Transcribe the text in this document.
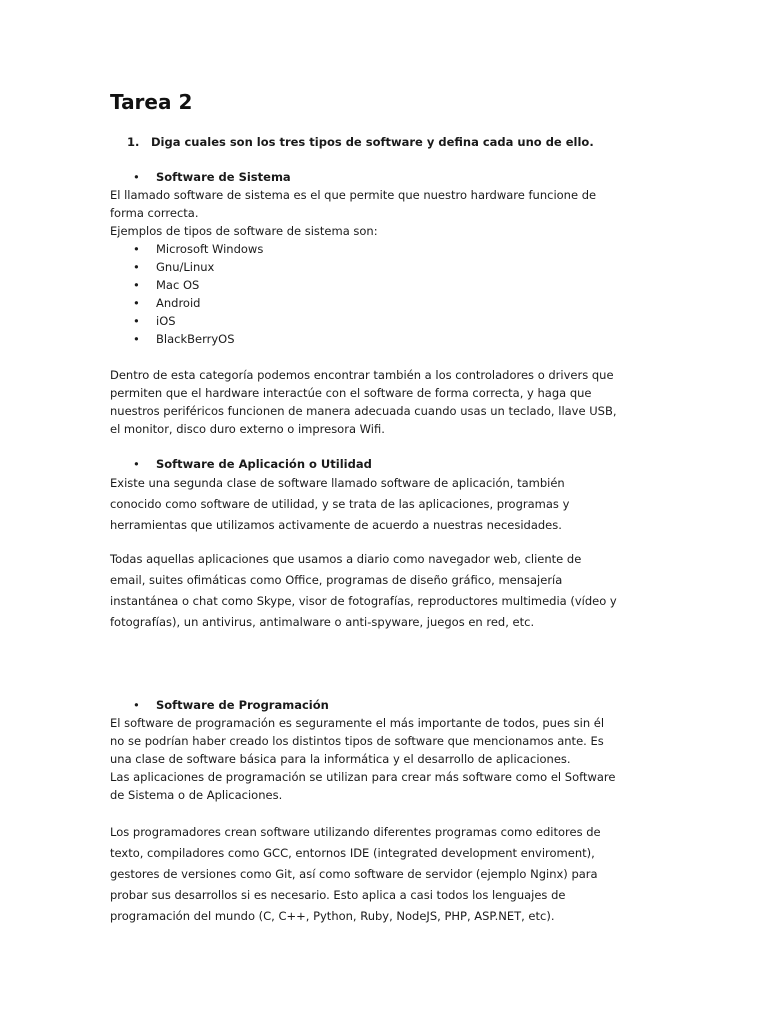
Tarea 2
1. Diga cuales son los tres tipos de software y defina cada uno de ello.
• Software de Sistema

El llamado software de sistema es el que permite que nuestro hardware funcione de

forma correcta.

Ejemplos de tipos de software de sistema son:

• Microsoft Windows
• Gnu/Linux
• Mac OS
• Android
• iOS
• BlackBerryOS

Dentro de esta categoría podemos encontrar también a los controladores o drivers que

permiten que el hardware interactúe con el software de forma correcta, y haga que

nuestros periféricos funcionen de manera adecuada cuando usas un teclado, llave USB,

el monitor, disco duro externo o impresora Wifi.

• Software de Aplicación o Utilidad

Existe una segunda clase de software llamado software de aplicación, también

conocido como software de utilidad, y se trata de las aplicaciones, programas y

herramientas que utilizamos activamente de acuerdo a nuestras necesidades.

Todas aquellas aplicaciones que usamos a diario como navegador web, cliente de

email, suites ofimáticas como Office, programas de diseño gráfico, mensajería

instantánea o chat como Skype, visor de fotografías, reproductores multimedia (vídeo y

fotografías), un antivirus, antimalware o anti-spyware, juegos en red, etc.

• Software de Programación

El software de programación es seguramente el más importante de todos, pues sin él

no se podrían haber creado los distintos tipos de software que mencionamos ante. Es

una clase de software básica para la informática y el desarrollo de aplicaciones.

Las aplicaciones de programación se utilizan para crear más software como el Software

de Sistema o de Aplicaciones.

Los programadores crean software utilizando diferentes programas como editores de

texto, compiladores como GCC, entornos IDE (integrated development enviroment),

gestores de versiones como Git, así como software de servidor (ejemplo Nginx) para

probar sus desarrollos si es necesario. Esto aplica a casi todos los lenguajes de

programación del mundo (C, C++, Python, Ruby, NodeJS, PHP, ASP.NET, etc).
